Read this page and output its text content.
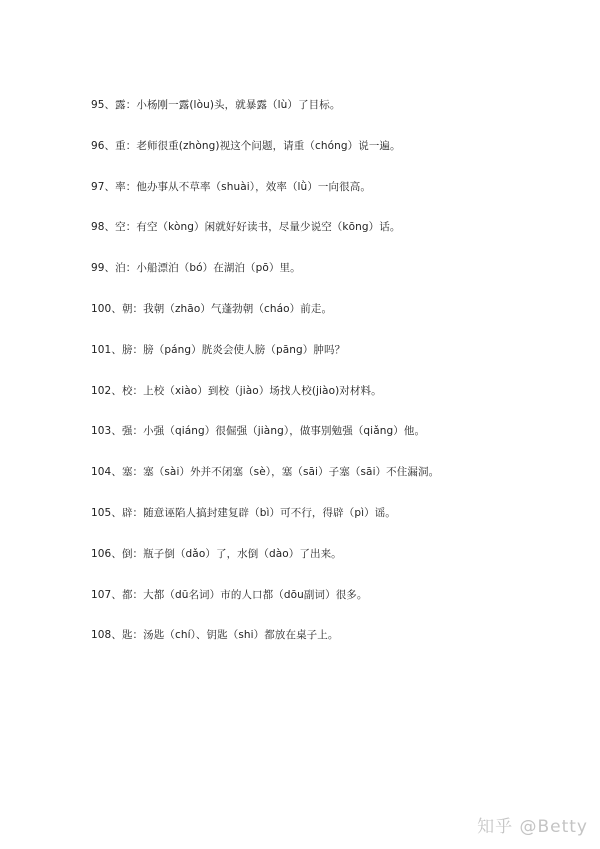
95、露：小杨刚一露(lòu)头，就暴露（lù）了目标。
96、重：老师很重(zhòng)视这个问题，请重（chóng）说一遍。
97、率：他办事从不草率（shuài），效率（lǜ）一向很高。
98、空：有空（kòng）闲就好好读书，尽量少说空（kōng）话。
99、泊：小船漂泊（bó）在湖泊（pō）里。
100、朝：我朝（zhāo）气蓬勃朝（cháo）前走。
101、膀：膀（páng）胱炎会使人膀（pāng）肿吗？
102、校：上校（xiào）到校（jiào）场找人校(jiào)对材料。
103、强：小强（qiáng）很倔强（jiàng），做事别勉强（qiǎng）他。
104、塞：塞（sài）外并不闭塞（sè），塞（sāi）子塞（sāi）不住漏洞。
105、辟：随意诬陷人搞封建复辟（bì）可不行，得辟（pì）谣。
106、倒：瓶子倒（dǎo）了，水倒（dào）了出来。
107、都：大都（dū名词）市的人口都（dōu副词）很多。
108、匙：汤匙（chí）、钥匙（shi）都放在桌子上。
知乎 @Betty
